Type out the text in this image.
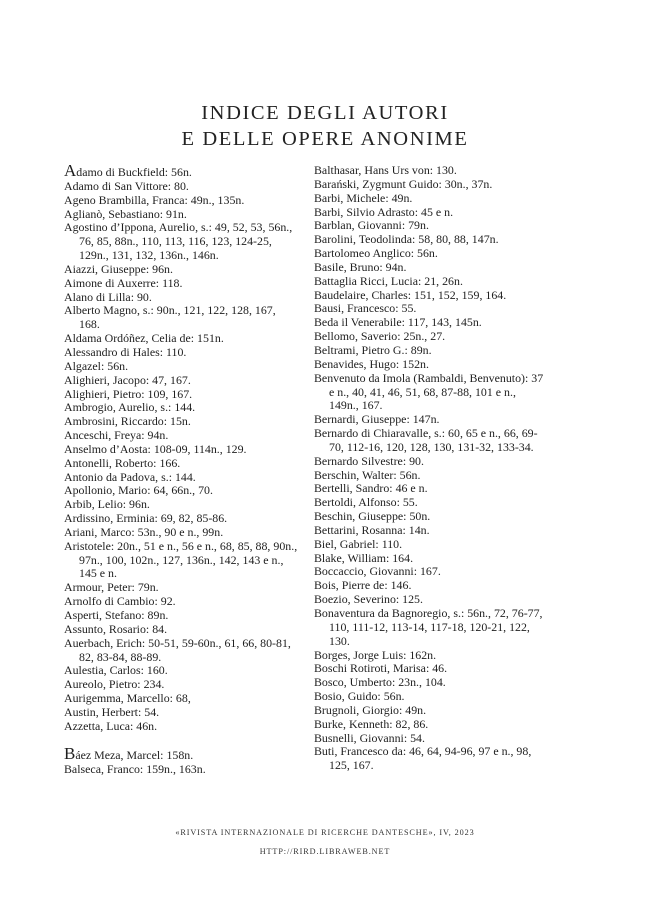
INDICE DEGLI AUTORI
E DELLE OPERE ANONIME
Adamo di Buckfield: 56n.
Adamo di San Vittore: 80.
Ageno Brambilla, Franca: 49n., 135n.
Aglianò, Sebastiano: 91n.
Agostino d’Ippona, Aurelio, s.: 49, 52, 53, 56n., 76, 85, 88n., 110, 113, 116, 123, 124-25, 129n., 131, 132, 136n., 146n.
Aiazzi, Giuseppe: 96n.
Aimone di Auxerre: 118.
Alano di Lilla: 90.
Alberto Magno, s.: 90n., 121, 122, 128, 167, 168.
Aldama Ordóñez, Celia de: 151n.
Alessandro di Hales: 110.
Algazel: 56n.
Alighieri, Jacopo: 47, 167.
Alighieri, Pietro: 109, 167.
Ambrogio, Aurelio, s.: 144.
Ambrosini, Riccardo: 15n.
Anceschi, Freya: 94n.
Anselmo d’Aosta: 108-09, 114n., 129.
Antonelli, Roberto: 166.
Antonio da Padova, s.: 144.
Apollonio, Mario: 64, 66n., 70.
Arbib, Lelio: 96n.
Ardissino, Erminia: 69, 82, 85-86.
Ariani, Marco: 53n., 90 e n., 99n.
Aristotele: 20n., 51 e n., 56 e n., 68, 85, 88, 90n., 97n., 100, 102n., 127, 136n., 142, 143 e n., 145 e n.
Armour, Peter: 79n.
Arnolfo di Cambio: 92.
Asperti, Stefano: 89n.
Assunto, Rosario: 84.
Auerbach, Erich: 50-51, 59-60n., 61, 66, 80-81, 82, 83-84, 88-89.
Aulestia, Carlos: 160.
Aureolo, Pietro: 234.
Aurigemma, Marcello: 68,
Austin, Herbert: 54.
Azzetta, Luca: 46n.
Báez Meza, Marcel: 158n.
Balseca, Franco: 159n., 163n.
Balthasar, Hans Urs von: 130.
Barański, Zygmunt Guido: 30n., 37n.
Barbi, Michele: 49n.
Barbi, Silvio Adrasto: 45 e n.
Barblan, Giovanni: 79n.
Barolini, Teodolinda: 58, 80, 88, 147n.
Bartolomeo Anglico: 56n.
Basile, Bruno: 94n.
Battaglia Ricci, Lucia: 21, 26n.
Baudelaire, Charles: 151, 152, 159, 164.
Bausi, Francesco: 55.
Beda il Venerabile: 117, 143, 145n.
Bellomo, Saverio: 25n., 27.
Beltrami, Pietro G.: 89n.
Benavides, Hugo: 152n.
Benvenuto da Imola (Rambaldi, Benvenuto): 37 e n., 40, 41, 46, 51, 68, 87-88, 101 e n., 149n., 167.
Bernardi, Giuseppe: 147n.
Bernardo di Chiaravalle, s.: 60, 65 e n., 66, 69-70, 112-16, 120, 128, 130, 131-32, 133-34.
Bernardo Silvestre: 90.
Berschin, Walter: 56n.
Bertelli, Sandro: 46 e n.
Bertoldi, Alfonso: 55.
Beschin, Giuseppe: 50n.
Bettarini, Rosanna: 14n.
Biel, Gabriel: 110.
Blake, William: 164.
Boccaccio, Giovanni: 167.
Bois, Pierre de: 146.
Boezio, Severino: 125.
Bonaventura da Bagnoregio, s.: 56n., 72, 76-77, 110, 111-12, 113-14, 117-18, 120-21, 122, 130.
Borges, Jorge Luis: 162n.
Boschi Rotiroti, Marisa: 46.
Bosco, Umberto: 23n., 104.
Bosio, Guido: 56n.
Brugnoli, Giorgio: 49n.
Burke, Kenneth: 82, 86.
Busnelli, Giovanni: 54.
Buti, Francesco da: 46, 64, 94-96, 97 e n., 98, 125, 167.
«RIVISTA INTERNAZIONALE DI RICERCHE DANTESCHE», IV, 2023
HTTP://RIRD.LIBRAWEB.NET
